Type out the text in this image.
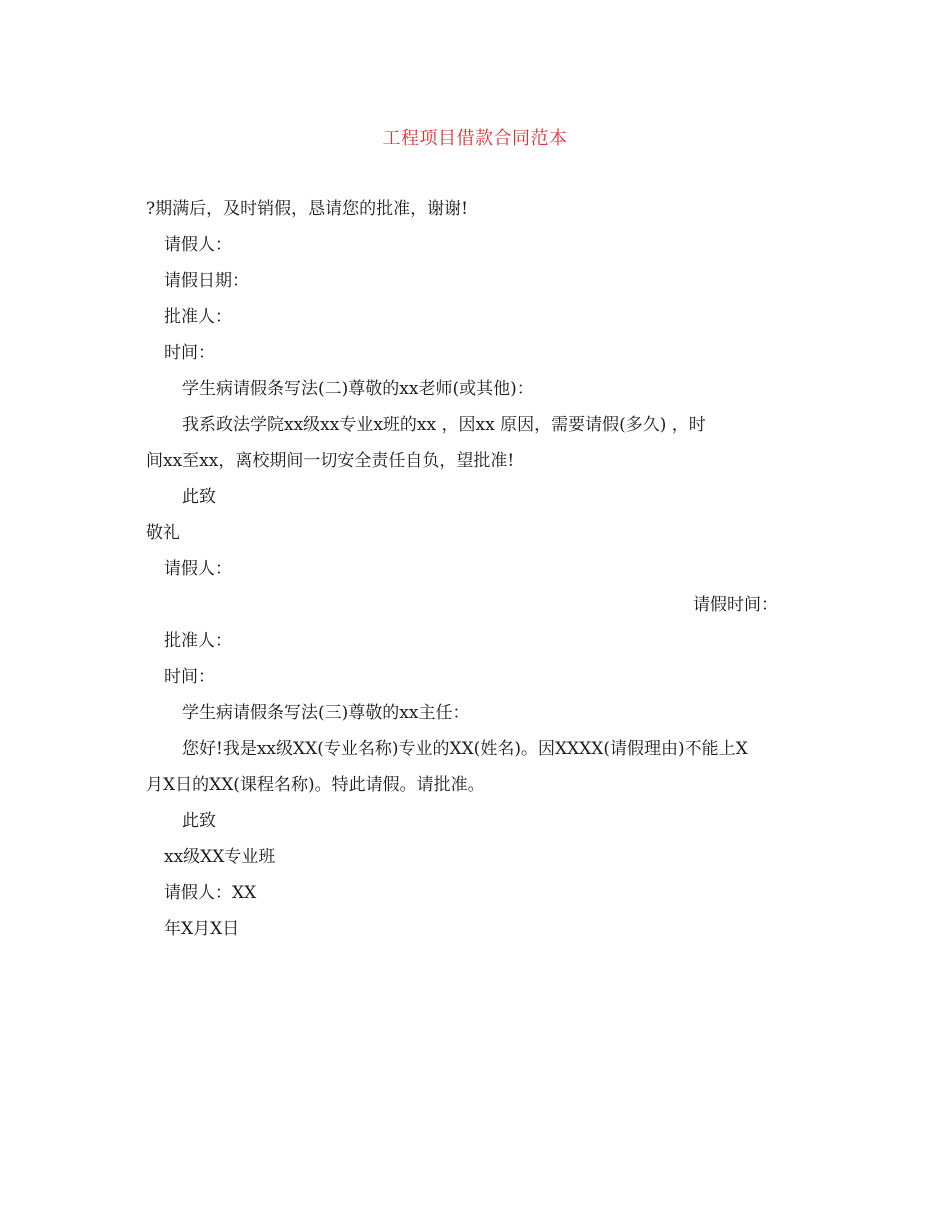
工程项目借款合同范本
?期满后，及时销假，恳请您的批准，谢谢!
请假人：
请假日期：
批准人：
时间：
学生病请假条写法(二)尊敬的xx老师(或其他)：
我系政法学院xx级xx专业x班的xx ，因xx 原因，需要请假(多久) ，时
间xx至xx，离校期间一切安全责任自负，望批准!
此致
敬礼
请假人：
请假时间：
批准人：
时间：
学生病请假条写法(三)尊敬的xx主任：
您好!我是xx级XX(专业名称)专业的XX(姓名)。因XXXX(请假理由)不能上X
月X日的XX(课程名称)。特此请假。请批准。
此致
xx级XX专业班
请假人：XX
年X月X日
